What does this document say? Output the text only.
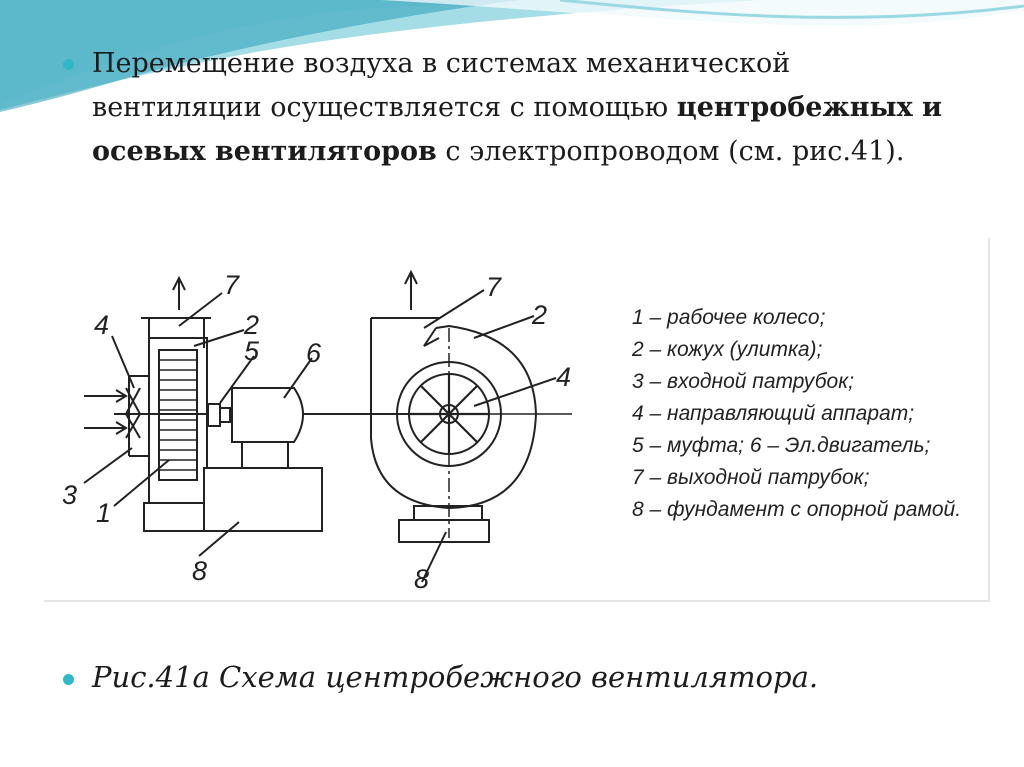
Перемещение воздуха в системах механической вентиляции осуществляется с помощью центробежных и осевых вентиляторов с электропроводом (см. рис.41).
7
4	2
5 6
3
1
8
7
2
4
8
1 – рабочее колесо;
2 – кожух (улитка);
3 – входной патрубок;
4 – направляющий аппарат;
5 – муфта; 6 – Эл.двигатель;
7 – выходной патрубок;
8 – фундамент с опорной рамой.
Рис.41а Схема центробежного вентилятора.
